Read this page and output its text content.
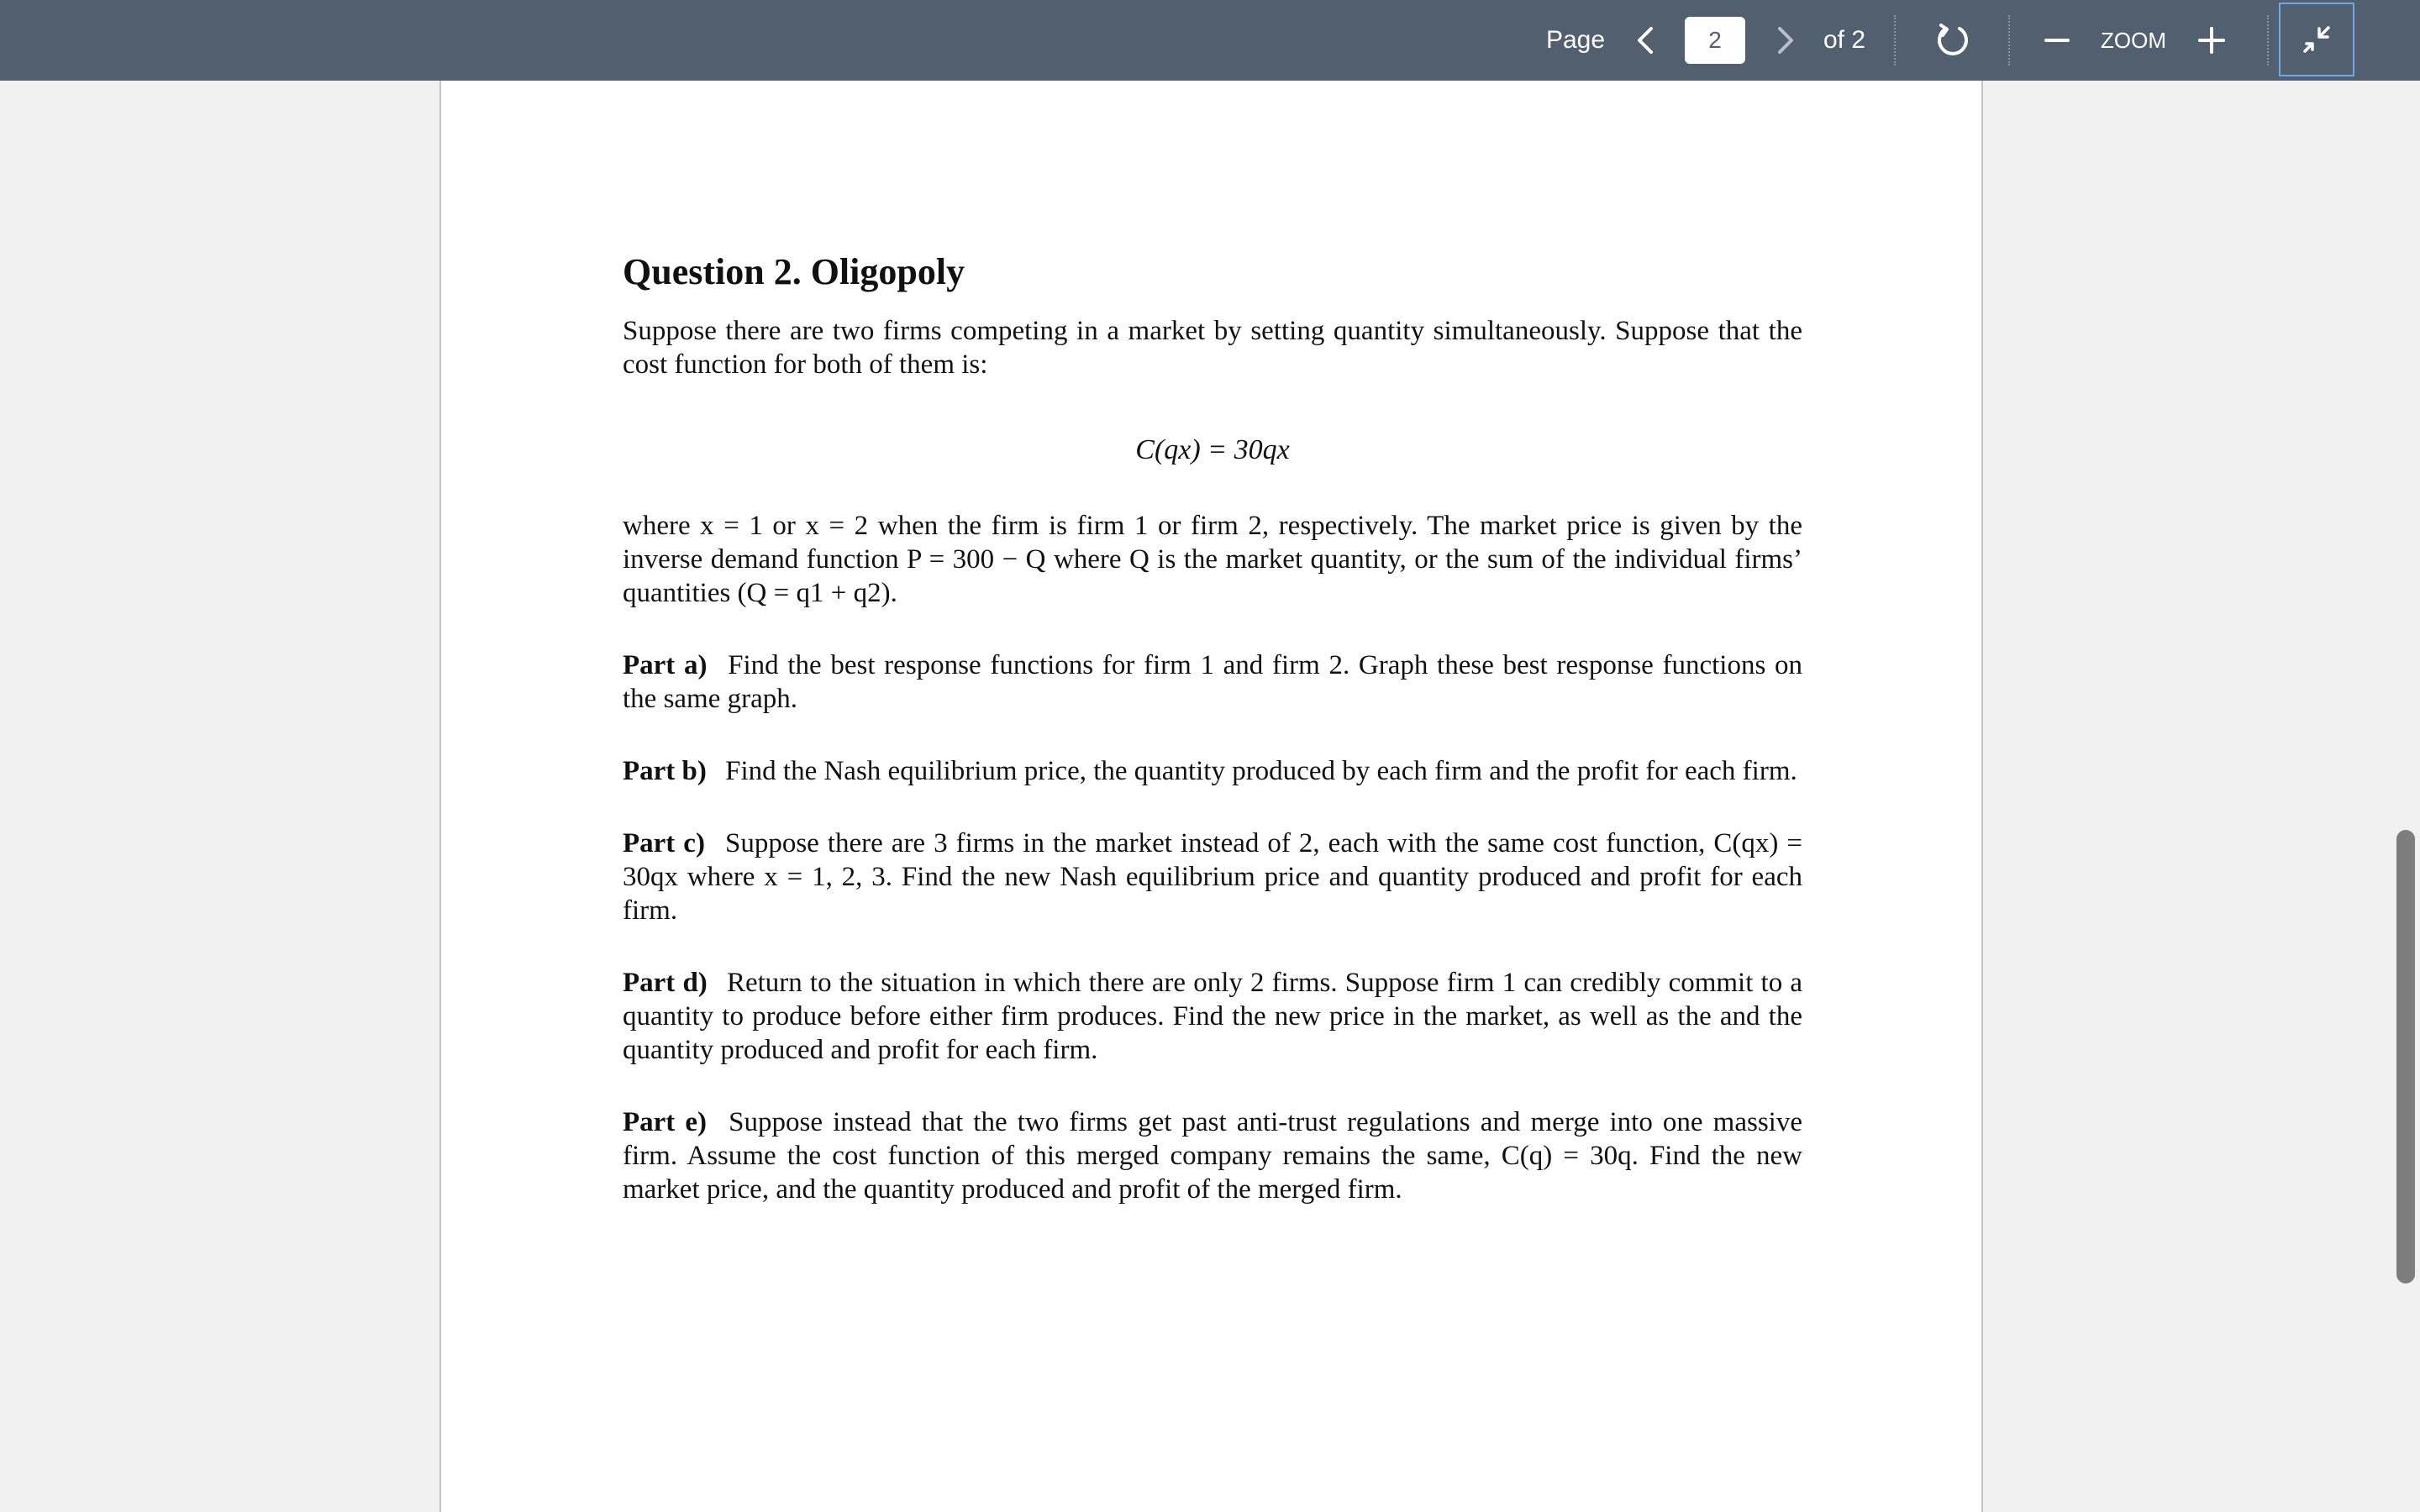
Page
2	of 2	ZOOM
Question 2. Oligopoly

Suppose there are two firms competing in a market by setting quantity simultaneously. Suppose that the cost function for both of them is:

C(qx) = 30qx

where x = 1 or x = 2 when the firm is firm 1 or firm 2, respectively. The market price is given by the inverse demand function P = 300 − Q where Q is the market quantity, or the sum of the individual firms’ quantities (Q = q1 + q2).

Part a) Find the best response functions for firm 1 and firm 2. Graph these best response functions on the same graph.

Part b) Find the Nash equilibrium price, the quantity produced by each firm and the profit for each firm.

Part c) Suppose there are 3 firms in the market instead of 2, each with the same cost function, C(qx) = 30qx where x = 1, 2, 3. Find the new Nash equilibrium price and quantity produced and profit for each firm.

Part d) Return to the situation in which there are only 2 firms. Suppose firm 1 can credibly commit to a quantity to produce before either firm produces. Find the new price in the market, as well as the and the quantity produced and profit for each firm.

Part e) Suppose instead that the two firms get past anti-trust regulations and merge into one massive firm. Assume the cost function of this merged company remains the same, C(q) = 30q. Find the new market price, and the quantity produced and profit of the merged firm.
